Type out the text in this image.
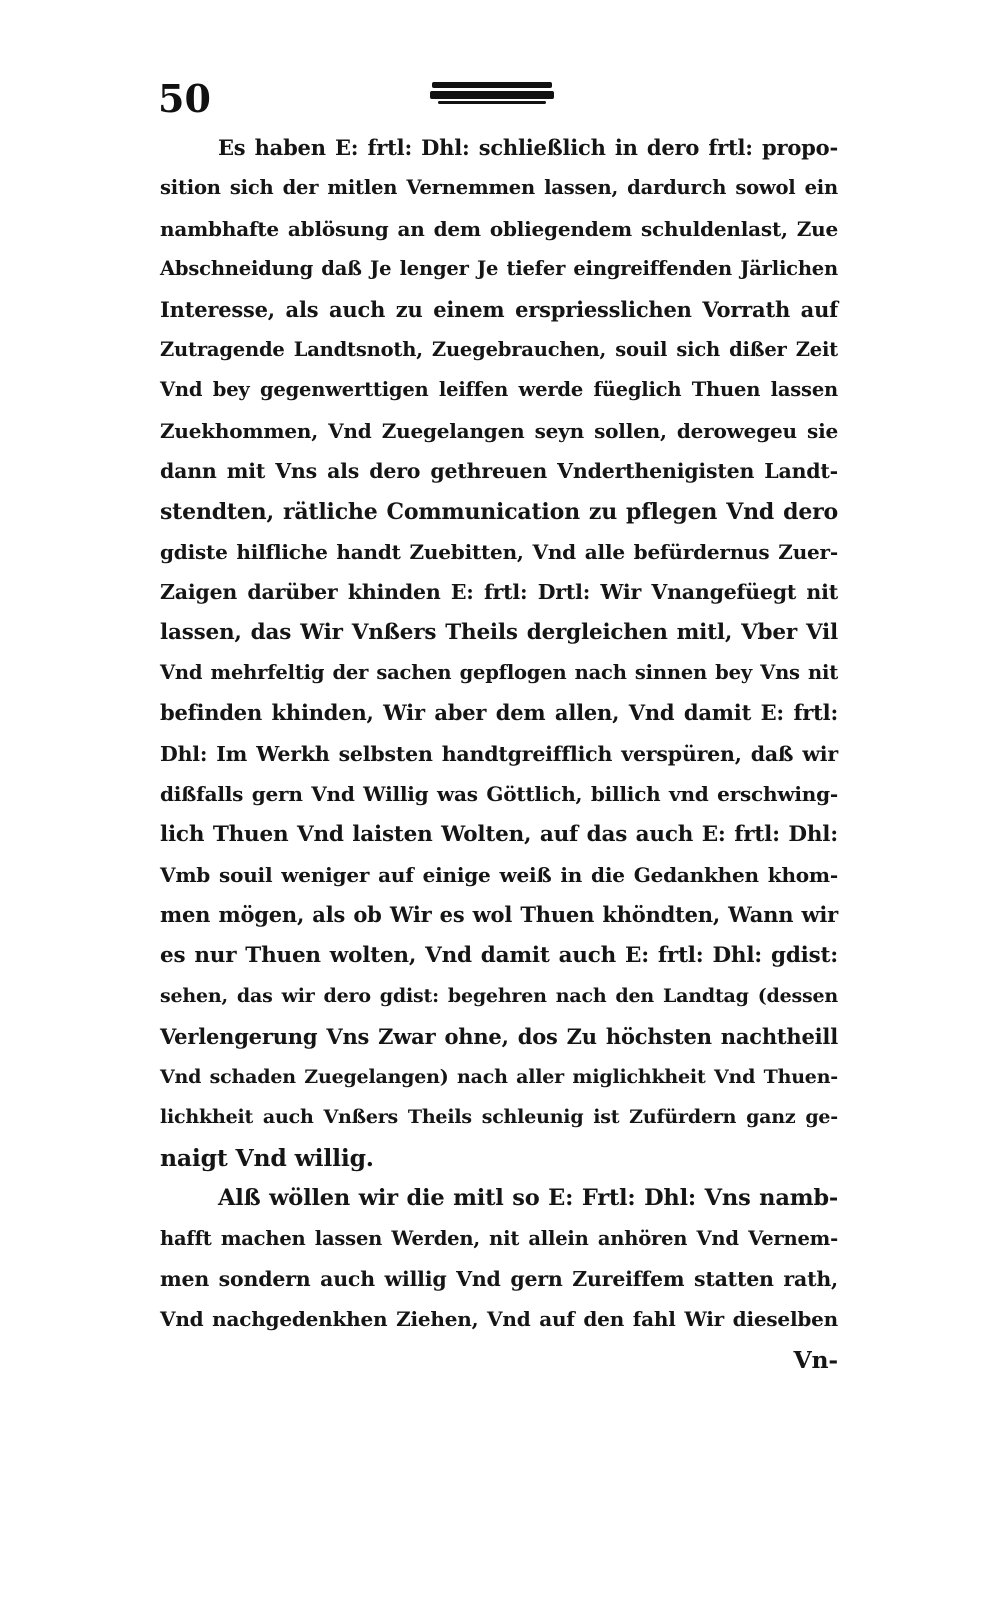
50
Es haben E: frtl: Dhl: schließlich in dero frtl: propo-
sition sich der mitlen Vernemmen lassen, dardurch sowol ein
nambhafte ablösung an dem obliegendem schuldenlast, Zue
Abschneidung daß Je lenger Je tiefer eingreiffenden Järlichen
Interesse, als auch zu einem erspriesslichen Vorrath auf
Zutragende Landtsnoth, Zuegebrauchen, souil sich dißer Zeit
Vnd bey gegenwerttigen leiffen werde füeglich Thuen lassen
Zuekhommen, Vnd Zuegelangen seyn sollen, derowegeu sie
dann mit Vns als dero gethreuen Vnderthenigisten Landt-
stendten, rätliche Communication zu pflegen Vnd dero
gdiste hilfliche handt Zuebitten, Vnd alle befürdernus Zuer-
Zaigen darüber khinden E: frtl: Drtl: Wir Vnangefüegt nit
lassen, das Wir Vnßers Theils dergleichen mitl, Vber Vil
Vnd mehrfeltig der sachen gepflogen nach sinnen bey Vns nit
befinden khinden, Wir aber dem allen, Vnd damit E: frtl:
Dhl: Im Werkh selbsten handtgreifflich verspüren, daß wir
dißfalls gern Vnd Willig was Göttlich, billich vnd erschwing-
lich Thuen Vnd laisten Wolten, auf das auch E: frtl: Dhl:
Vmb souil weniger auf einige weiß in die Gedankhen khom-
men mögen, als ob Wir es wol Thuen khöndten, Wann wir
es nur Thuen wolten, Vnd damit auch E: frtl: Dhl: gdist:
sehen, das wir dero gdist: begehren nach den Landtag (dessen
Verlengerung Vns Zwar ohne, dos Zu höchsten nachtheill
Vnd schaden Zuegelangen) nach aller miglichkheit Vnd Thuen-
lichkheit auch Vnßers Theils schleunig ist Zufürdern ganz ge-
naigt Vnd willig.
Alß wöllen wir die mitl so E: Frtl: Dhl: Vns namb-
hafft machen lassen Werden, nit allein anhören Vnd Vernem-
men sondern auch willig Vnd gern Zureiffem statten rath,
Vnd nachgedenkhen Ziehen, Vnd auf den fahl Wir dieselben
Vn-
